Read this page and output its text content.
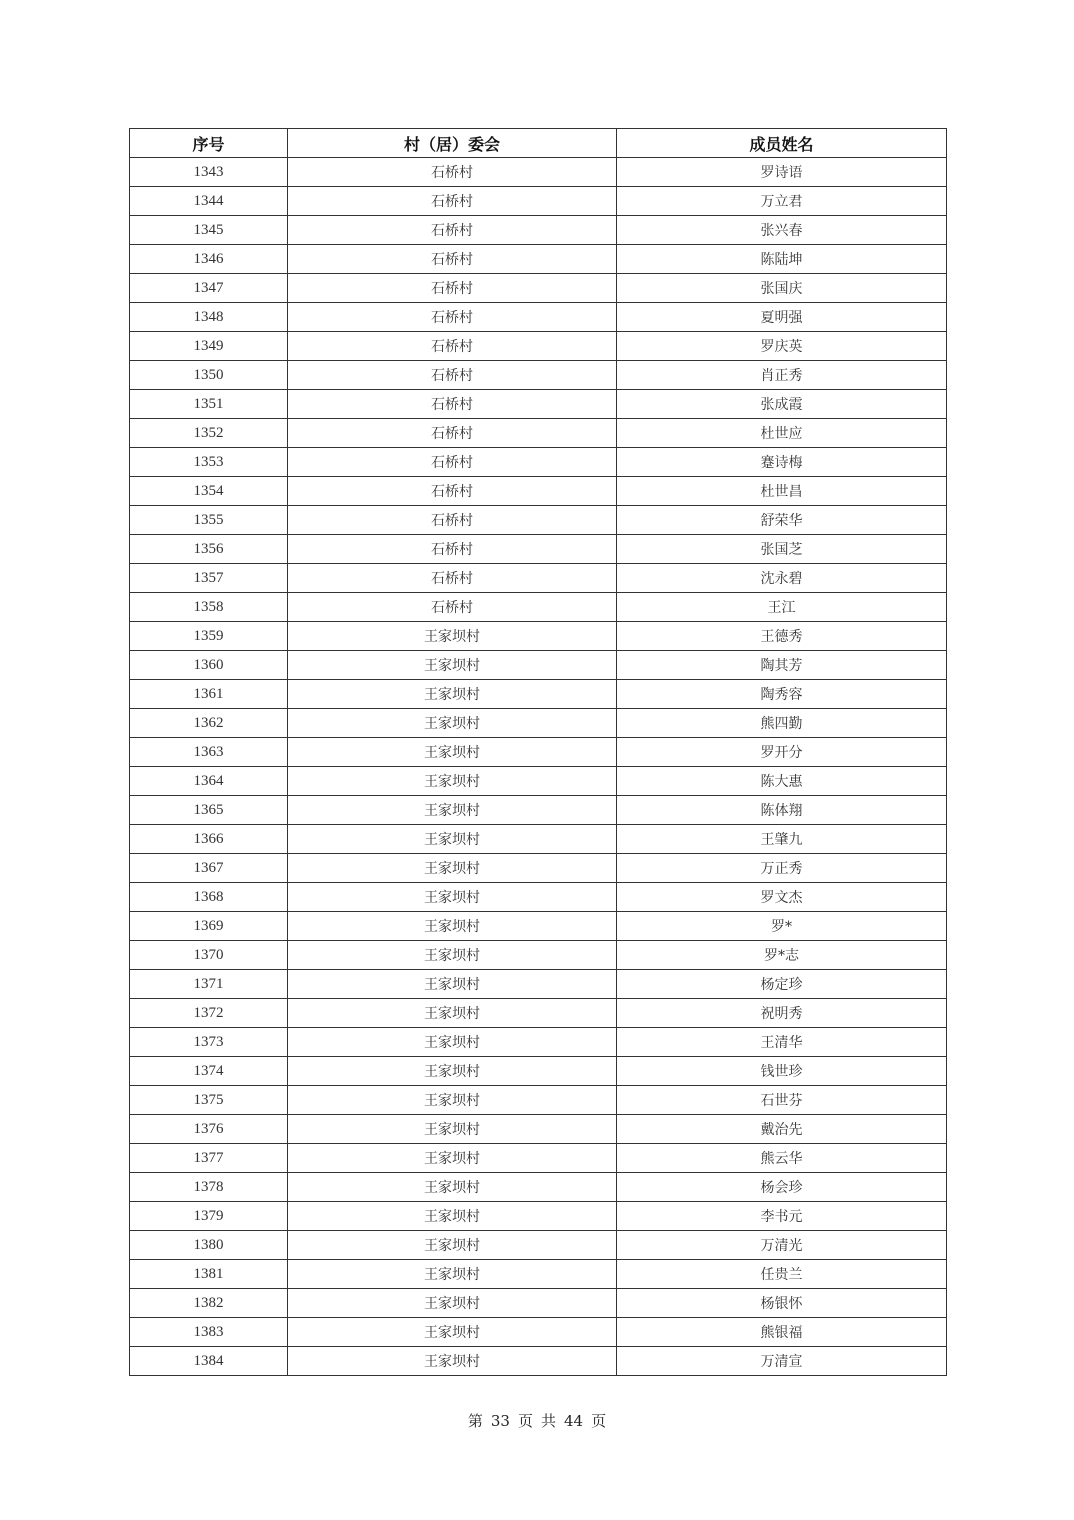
序号	村（居）委会	成员姓名
1343	石桥村	罗诗语
1344	石桥村	万立君
1345	石桥村	张兴春
1346	石桥村	陈陆坤
1347	石桥村	张国庆
1348	石桥村	夏明强
1349	石桥村	罗庆英
1350	石桥村	肖正秀
1351	石桥村	张成霞
1352	石桥村	杜世应
1353	石桥村	蹇诗梅
1354	石桥村	杜世昌
1355	石桥村	舒荣华
1356	石桥村	张国芝
1357	石桥村	沈永碧
1358	石桥村	王江
1359	王家坝村	王德秀
1360	王家坝村	陶其芳
1361	王家坝村	陶秀容
1362	王家坝村	熊四勤
1363	王家坝村	罗开分
1364	王家坝村	陈大惠
1365	王家坝村	陈体翔
1366	王家坝村	王肇九
1367	王家坝村	万正秀
1368	王家坝村	罗文杰
1369	王家坝村	罗*
1370	王家坝村	罗*志
1371	王家坝村	杨定珍
1372	王家坝村	祝明秀
1373	王家坝村	王清华
1374	王家坝村	钱世珍
1375	王家坝村	石世芬
1376	王家坝村	戴治先
1377	王家坝村	熊云华
1378	王家坝村	杨会珍
1379	王家坝村	李书元
1380	王家坝村	万清光
1381	王家坝村	任贵兰
1382	王家坝村	杨银怀
1383	王家坝村	熊银福
1384	王家坝村	万清宣
第 33 页 共 44 页
